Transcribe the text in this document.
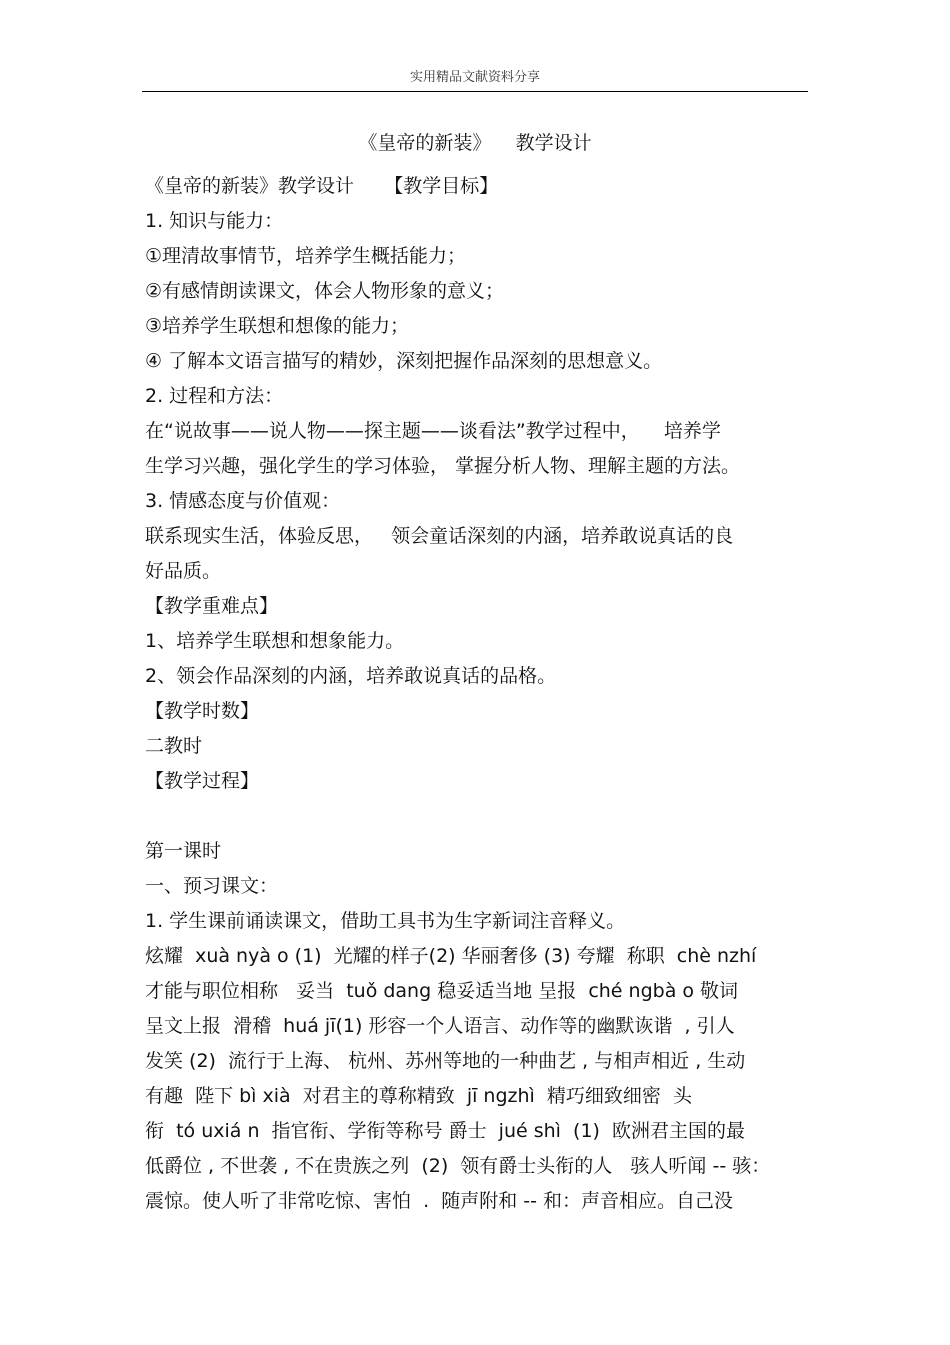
实用精品文献资料分享
《皇帝的新装》    教学设计
《皇帝的新装》教学设计     【教学目标】
1. 知识与能力：
①理清故事情节，培养学生概括能力；
②有感情朗读课文，体会人物形象的意义；
③培养学生联想和想像的能力；
④ 了解本文语言描写的精妙，深刻把握作品深刻的思想意义。
2. 过程和方法：
在“说故事——说人物——探主题——谈看法”教学过程中，    培养学
生学习兴趣，强化学生的学习体验， 掌握分析人物、理解主题的方法。
3. 情感态度与价值观：
联系现实生活，体验反思，   领会童话深刻的内涵，培养敢说真话的良
好品质。
【教学重难点】
1、培养学生联想和想象能力。
2、领会作品深刻的内涵，培养敢说真话的品格。
【教学时数】
二教时
【教学过程】
第一课时
一、预习课文：
1. 学生课前诵读课文，借助工具书为生字新词注音释义。
炫耀  xuà nyà o (1)  光耀的样子(2) 华丽奢侈 (3) 夸耀  称职  chè nzhí
才能与职位相称   妥当  tuǒ dang 稳妥适当地 呈报  ché ngbà o 敬词
呈文上报  滑稽  huá jī(1) 形容一个人语言、动作等的幽默诙谐  , 引人
发笑 (2)  流行于上海、 杭州、苏州等地的一种曲艺 , 与相声相近 , 生动
有趣  陛下 bì xià  对君主的尊称精致  jī ngzhì  精巧细致细密  头
衔  tó uxiá n  指官衔、学衔等称号 爵士  jué shì  (1)  欧洲君主国的最
低爵位 , 不世袭 , 不在贵族之列  (2)  领有爵士头衔的人   骇人听闻 -- 骇：
震惊。使人听了非常吃惊、害怕  .  随声附和 -- 和：声音相应。自己没
